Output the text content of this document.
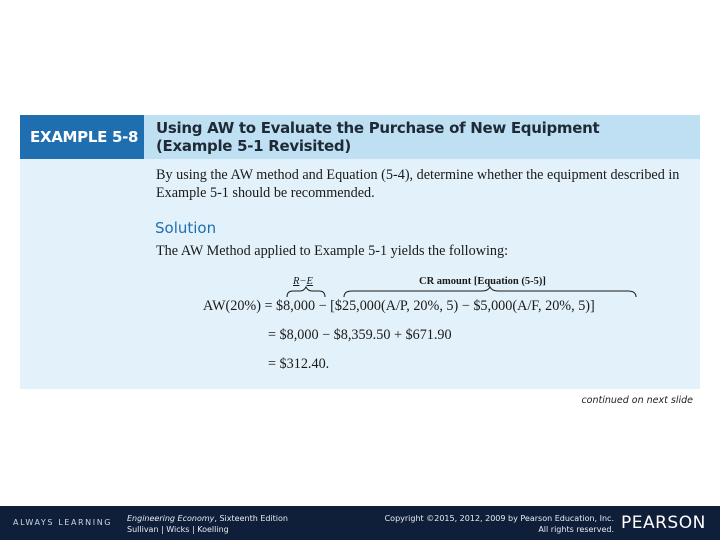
EXAMPLE 5-8	Using AW to Evaluate the Purchase of New Equipment
(Example 5-1 Revisited)
By using the AW method and Equation (5-4), determine whether the equipment described in Example 5-1 should be recommended.
Solution
The AW Method applied to Example 5-1 yields the following:
R−E	CR amount [Equation (5-5)]
AW(20%) = $8,000 − [$25,000(A/P, 20%, 5) − $5,000(A/F, 20%, 5)]
= $8,000 − $8,359.50 + $671.90
= $312.40.
continued on next slide
ALWAYS LEARNING Engineering Economy, Sixteenth Edition
Sullivan | Wicks | Koelling
Copyright ©2015, 2012, 2009 by Pearson Education, Inc.
All rights reserved. PEARSON
